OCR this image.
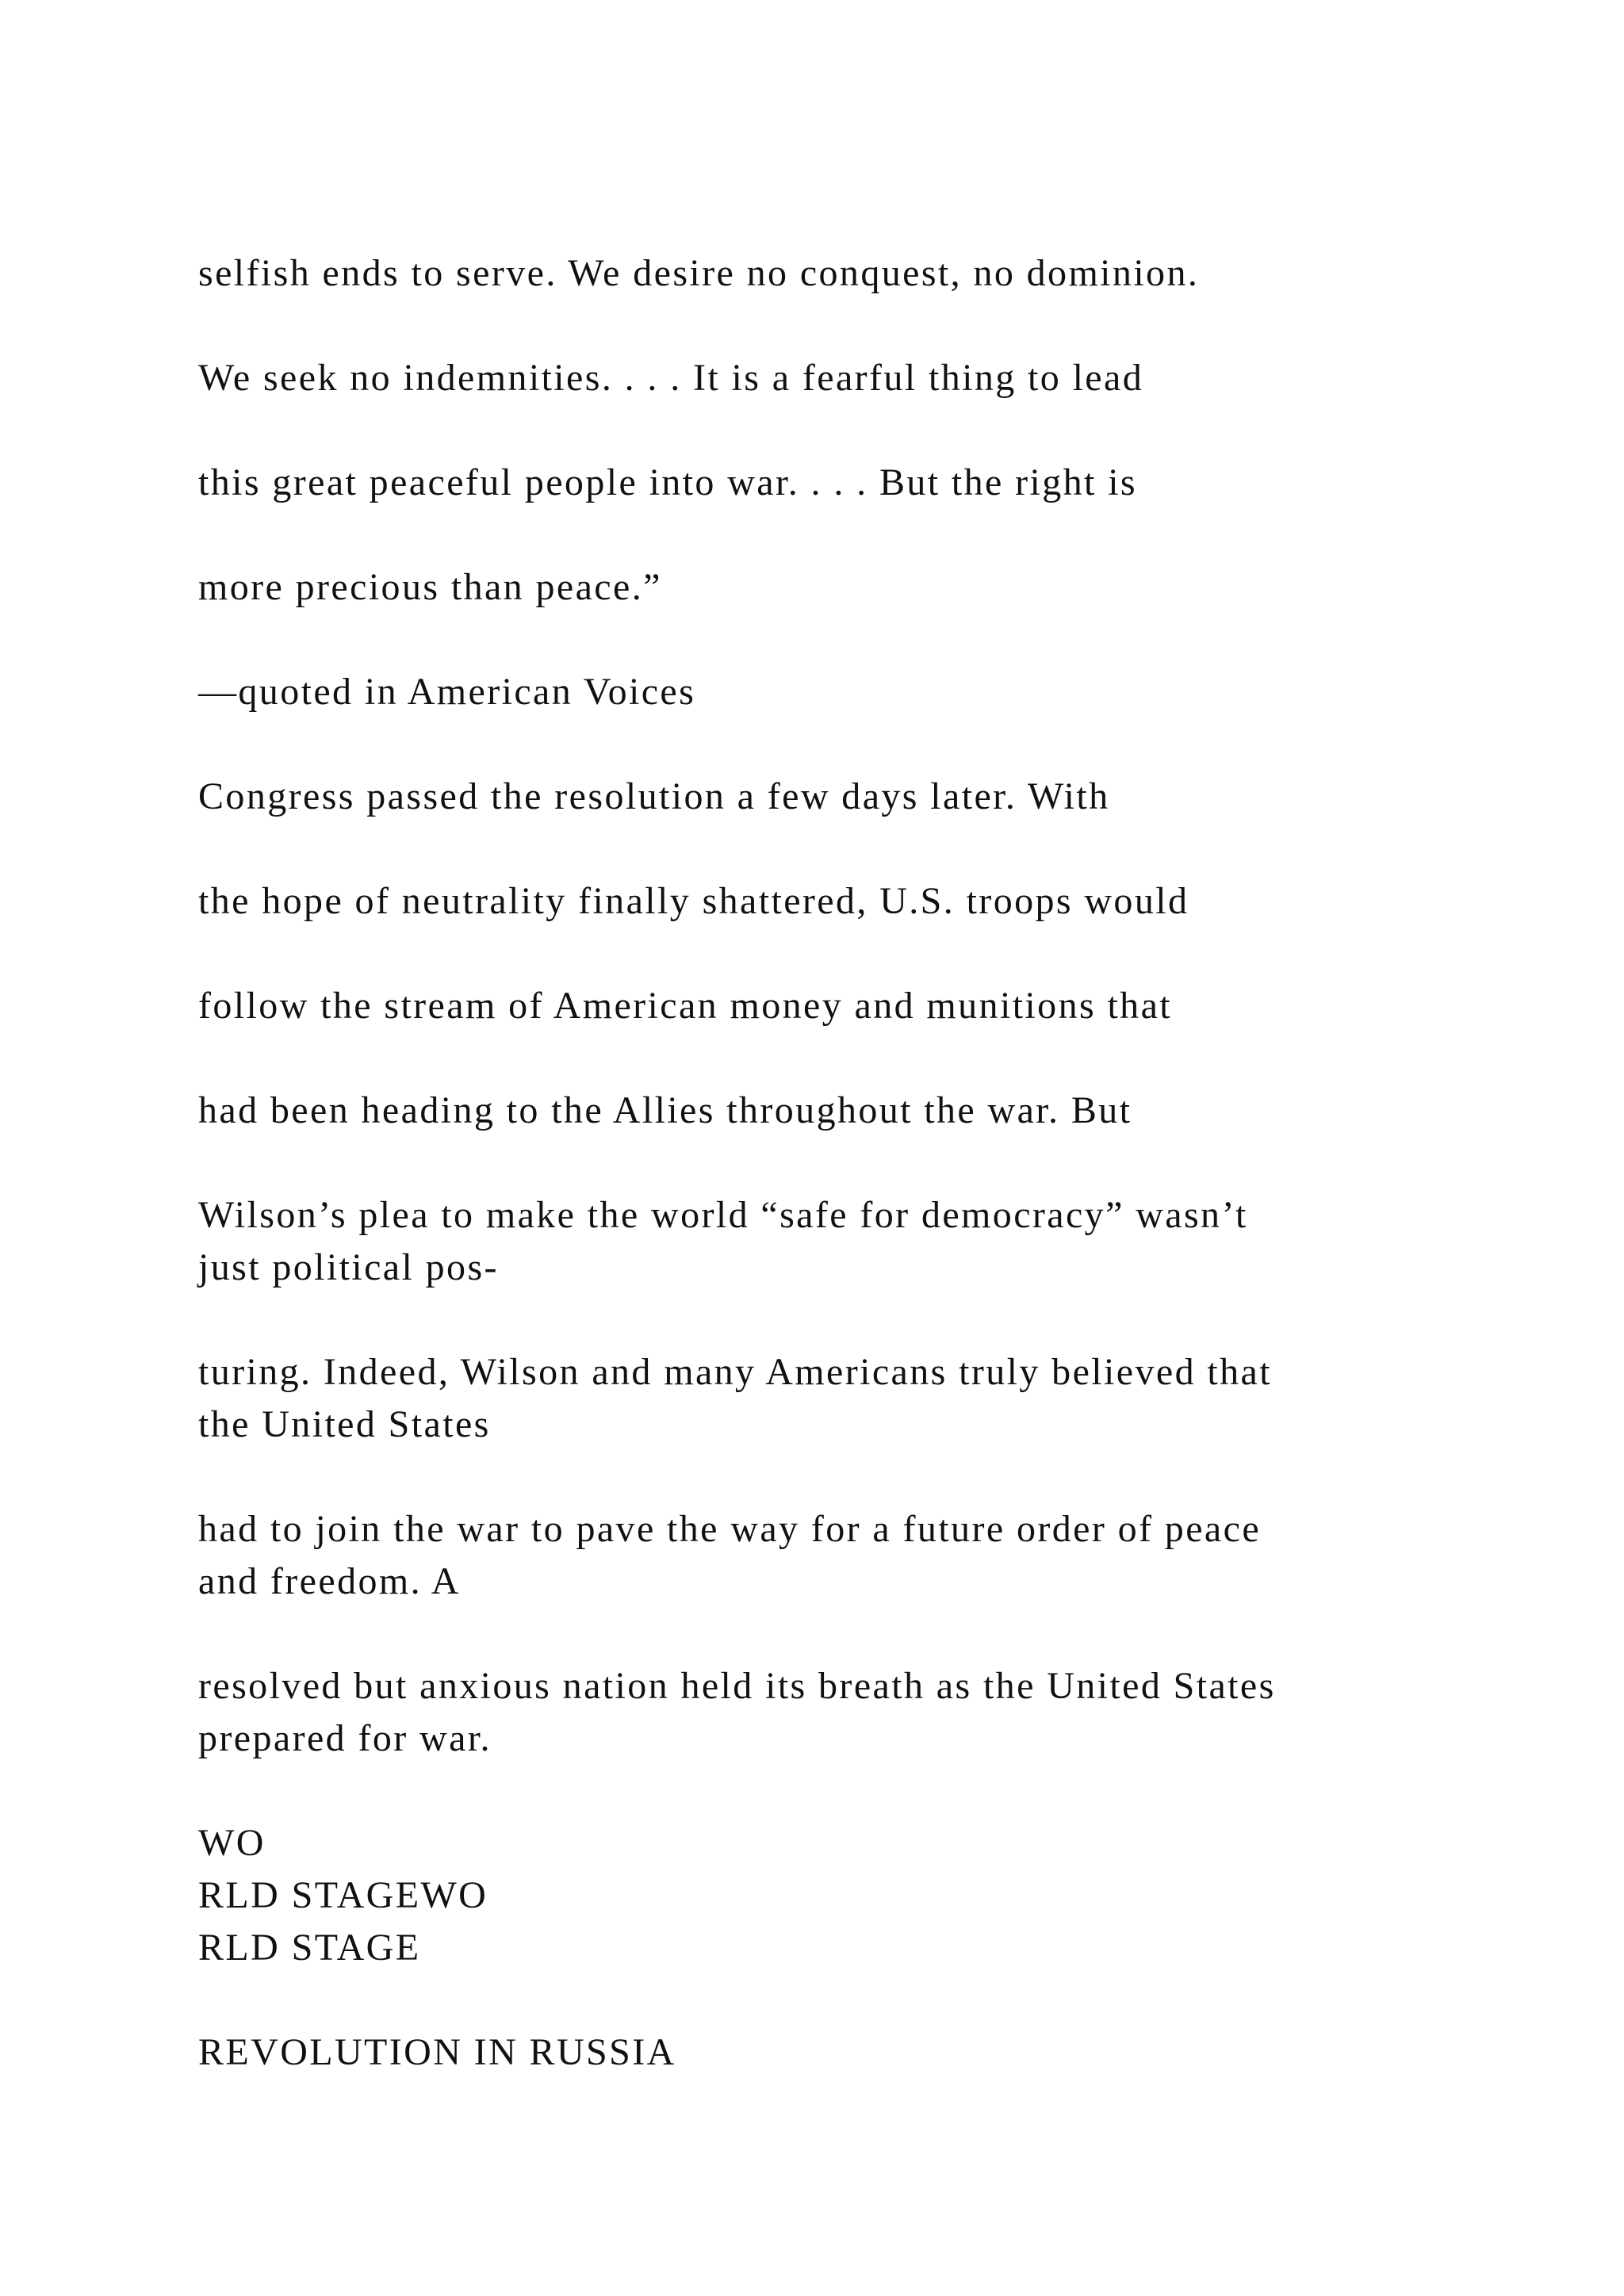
selfish ends to serve. We desire no conquest, no dominion.
We seek no indemnities. . . . It is a fearful thing to lead
this great peaceful people into war. . . . But the right is
more precious than peace.”
—quoted in American Voices
Congress passed the resolution a few days later. With
the hope of neutrality finally shattered, U.S. troops would
follow the stream of American money and munitions that
had been heading to the Allies throughout the war. But
Wilson’s plea to make the world “safe for democracy” wasn’t
just political pos-
turing. Indeed, Wilson and many Americans truly believed that
the United States
had to join the war to pave the way for a future order of peace
and freedom. A
resolved but anxious nation held its breath as the United States
prepared for war.
WO
RLD STAGEWO
RLD STAGE
REVOLUTION IN RUSSIA
